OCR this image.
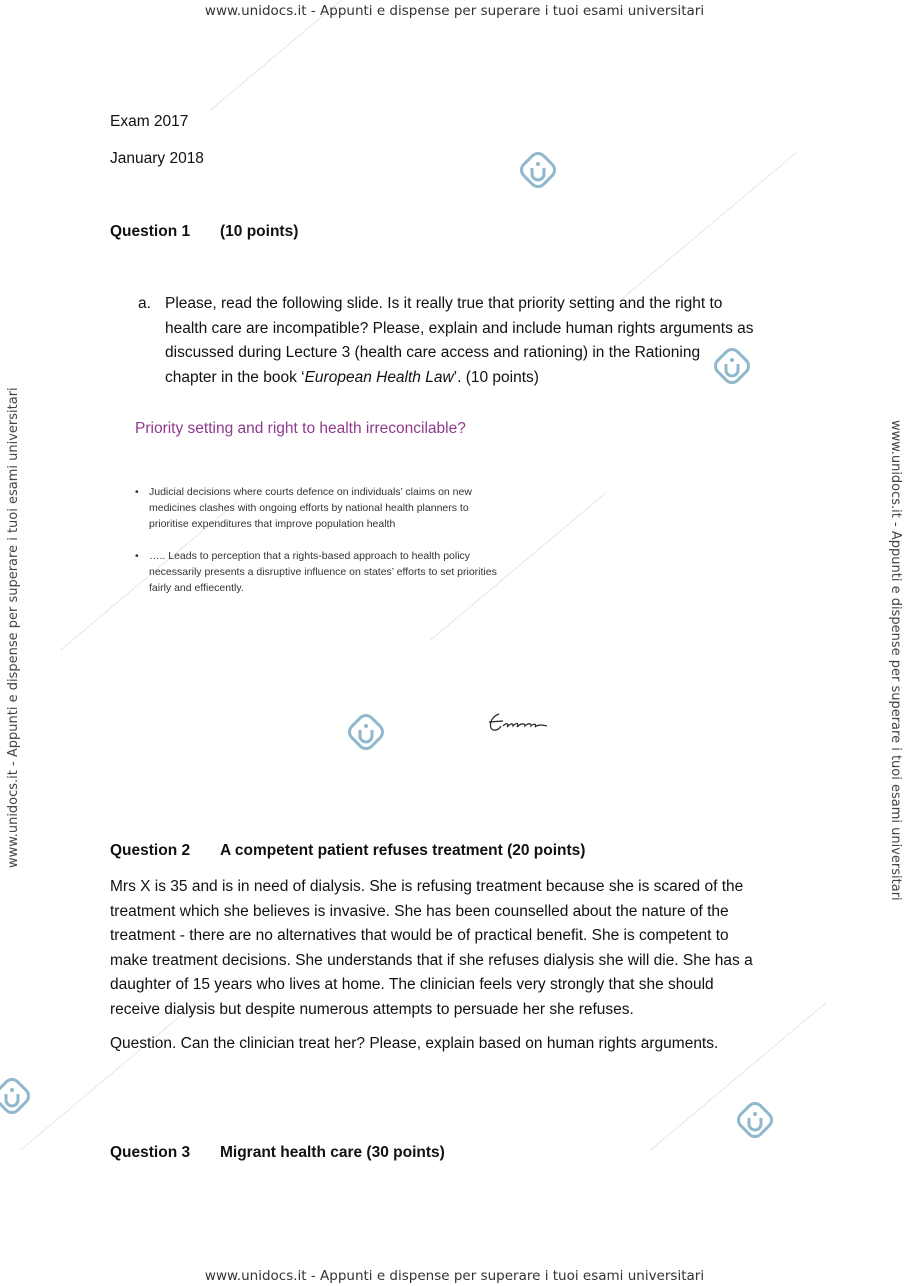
www.unidocs.it - Appunti e dispense per superare i tuoi esami universitari
www.unidocs.it - Appunti e dispense per superare i tuoi esami universitari
www.unidocs.it - Appunti e dispense per superare i tuoi esami universitari	www.unidocs.it - Appunti e dispense per superare i tuoi esami universitari
Exam 2017
January 2018
Question 1 (10 points)
a. Please, read the following slide. Is it really true that priority setting and the right to
health care are incompatible? Please, explain and include human rights arguments as
discussed during Lecture 3 (health care access and rationing) in the Rationing
chapter in the book ‘European Health Law’. (10 points)
Question 2 A competent patient refuses treatment (20 points)
Mrs X is 35 and is in need of dialysis. She is refusing treatment because she is scared of the
treatment which she believes is invasive. She has been counselled about the nature of the
treatment - there are no alternatives that would be of practical benefit. She is competent to
make treatment decisions. She understands that if she refuses dialysis she will die. She has a
daughter of 15 years who lives at home. The clinician feels very strongly that she should
receive dialysis but despite numerous attempts to persuade her she refuses.
Question. Can the clinician treat her? Please, explain based on human rights arguments.
Question 3 Migrant health care (30 points)
Priority setting and right to health irreconcilable?
• Judicial decisions where courts defence on individuals’ claims on new
medicines clashes with ongoing efforts by national health planners to
prioritise expenditures that improve population health
• ….. Leads to perception that a rights-based approach to health policy
necessarily presents a disruptive influence on states’ efforts to set priorities
fairly and effiecently.
